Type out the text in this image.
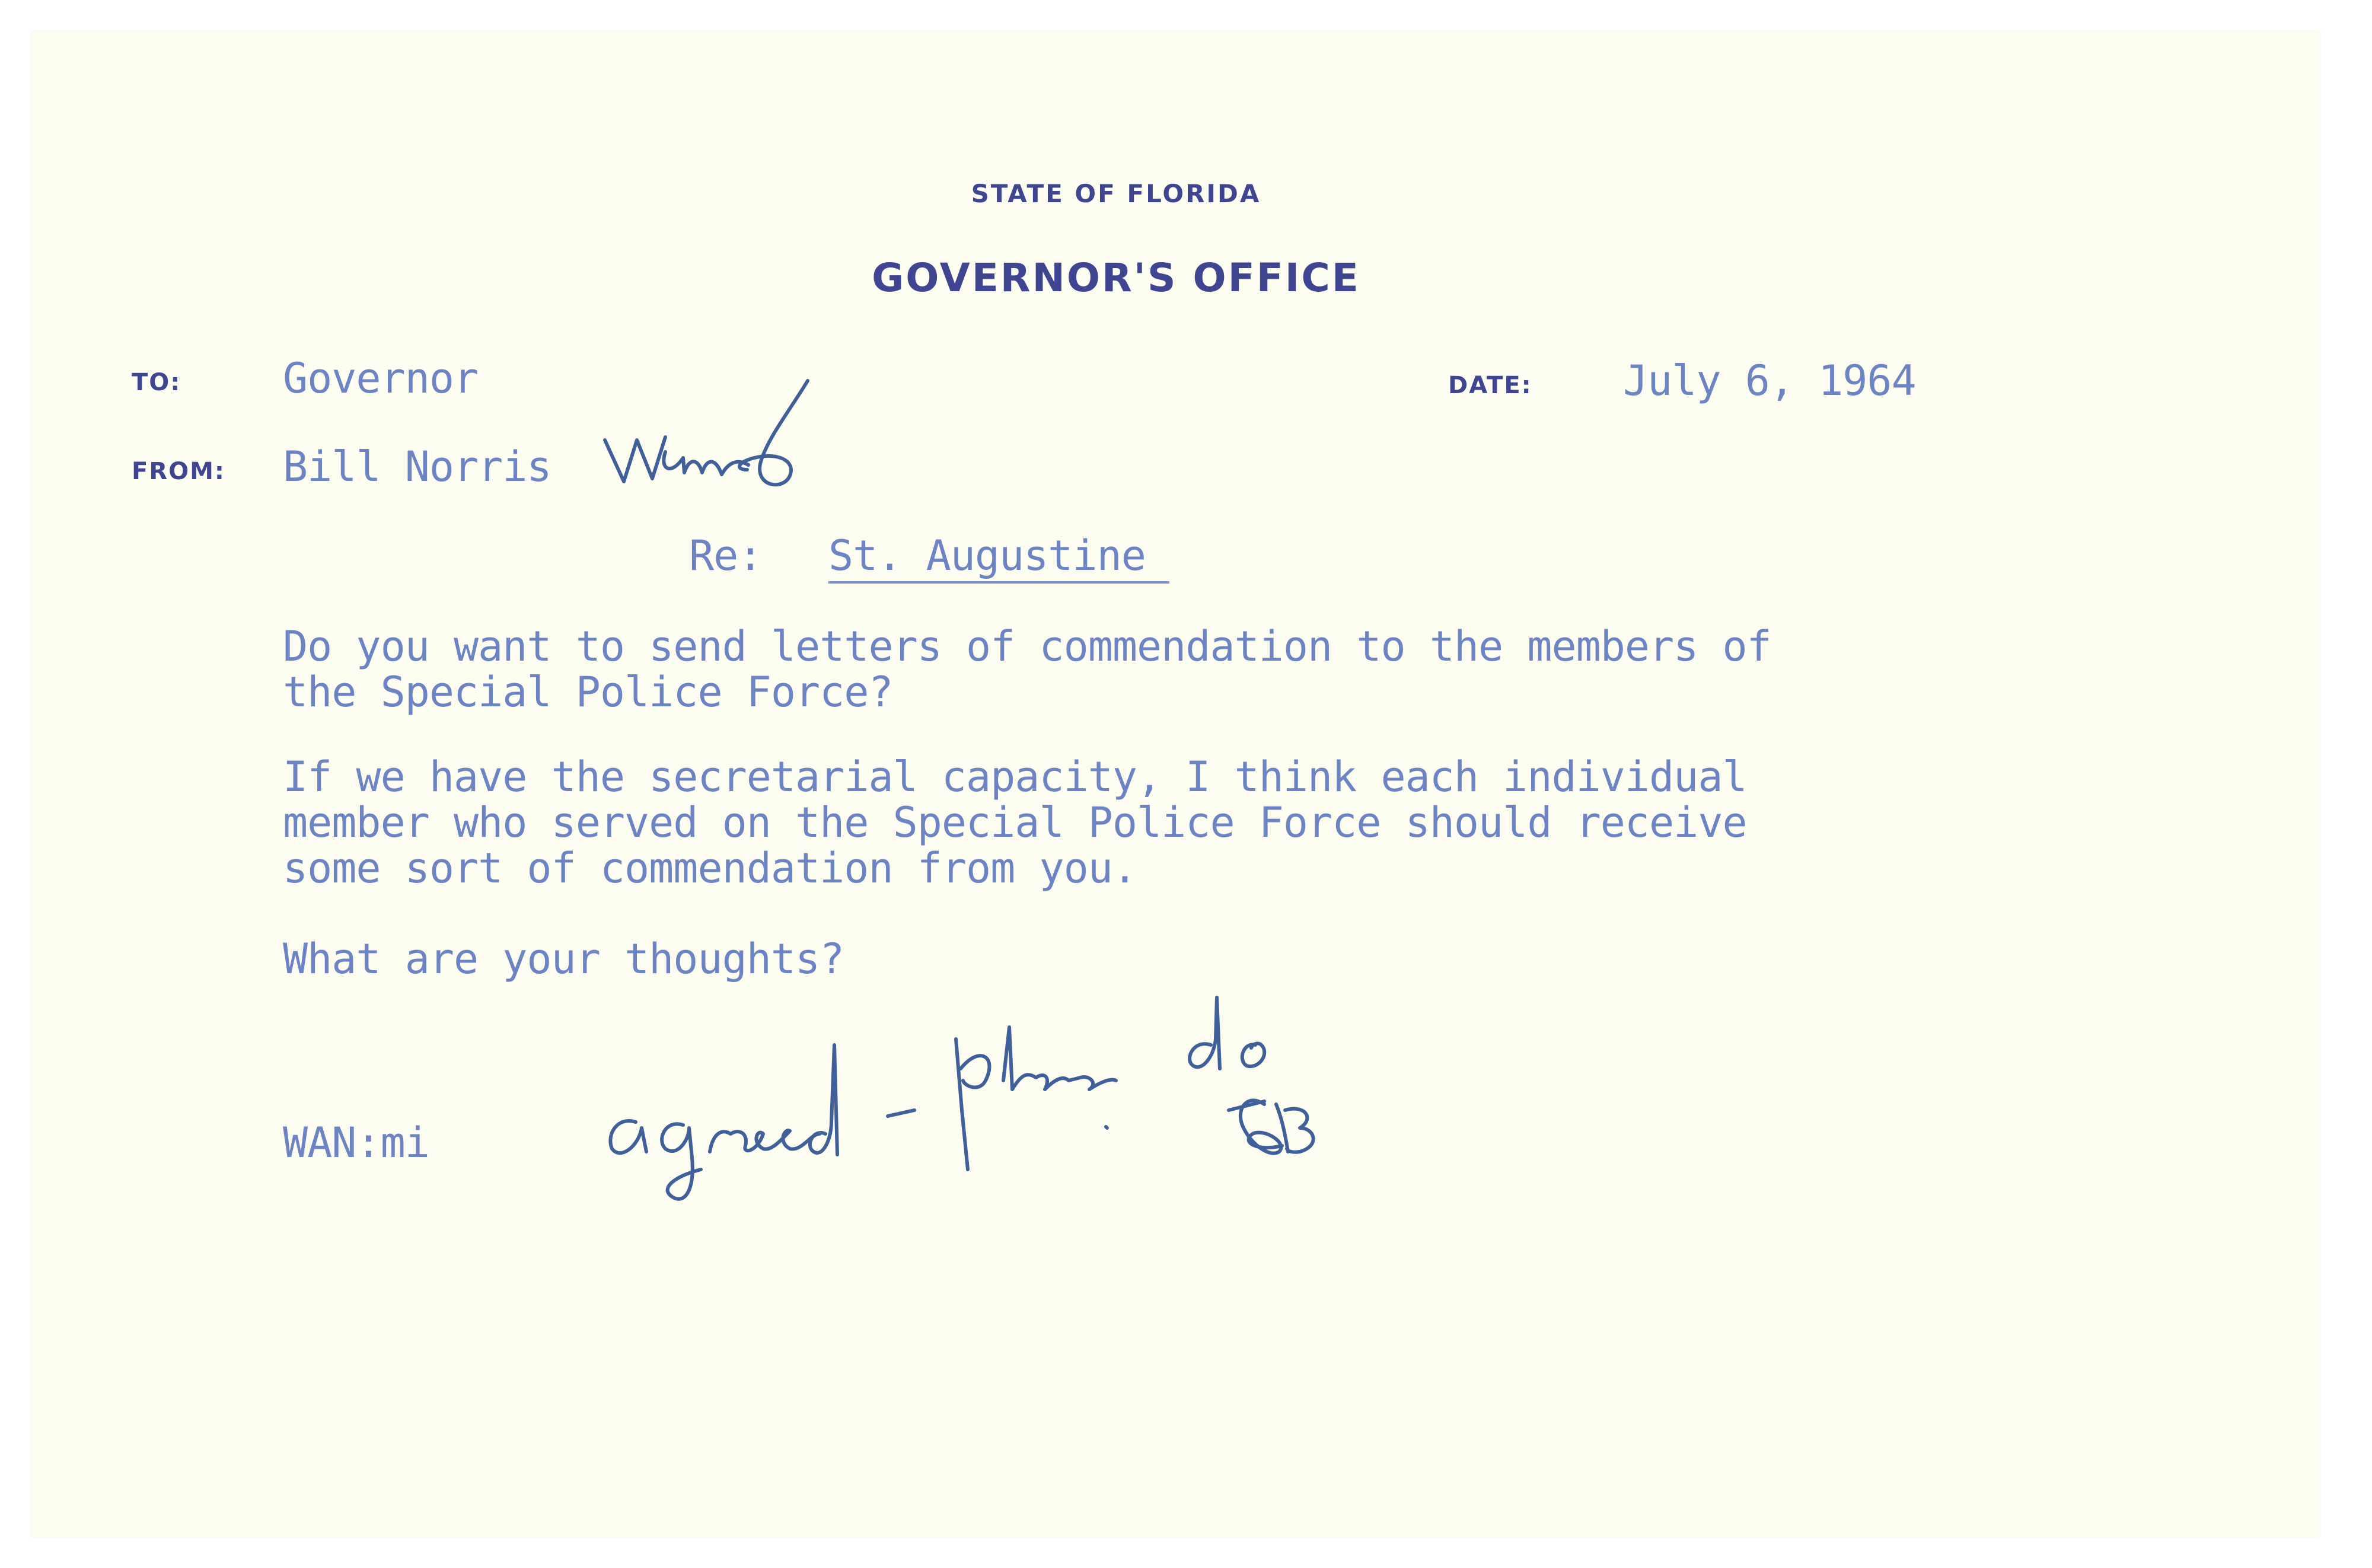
STATE OF FLORIDA
GOVERNOR'S OFFICE
TO: Governor	DATE: July 6, 1964
FROM: Bill Norris
Re: St. Augustine
Do you want to send letters of commendation to the members of
the Special Police Force?
If we have the secretarial capacity, I think each individual
member who served on the Special Police Force should receive
some sort of commendation from you.
What are your thoughts?
WAN:mi
